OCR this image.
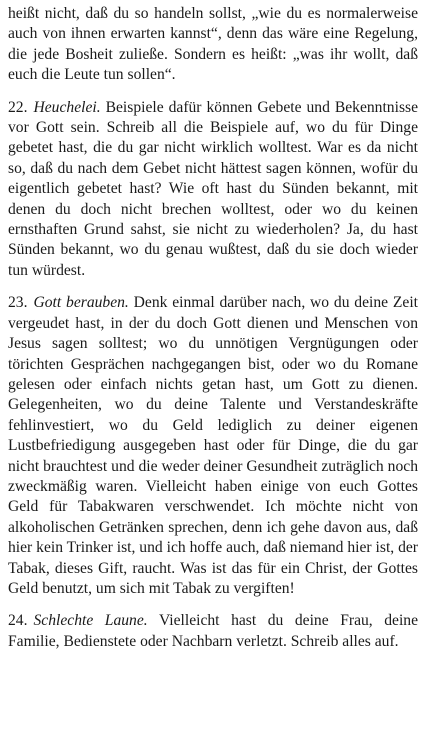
heißt nicht, daß du so handeln sollst, „wie du es normalerweise auch von ihnen erwarten kannst“, denn das wäre eine Regelung, die jede Bosheit zuließe. Sondern es heißt: „was ihr wollt, daß euch die Leute tun sollen“.

22. Heuchelei. Beispiele dafür können Gebete und Bekenntnisse vor Gott sein. Schreib all die Beispiele auf, wo du für Dinge gebetet hast, die du gar nicht wirklich wolltest. War es da nicht so, daß du nach dem Gebet nicht hättest sagen können, wofür du eigentlich gebetet hast? Wie oft hast du Sünden bekannt, mit denen du doch nicht brechen wolltest, oder wo du keinen ernsthaften Grund sahst, sie nicht zu wiederholen? Ja, du hast Sünden bekannt, wo du genau wußtest, daß du sie doch wieder tun würdest.

23. Gott berauben. Denk einmal darüber nach, wo du deine Zeit vergeudet hast, in der du doch Gott dienen und Menschen von Jesus sagen solltest; wo du unnötigen Vergnügungen oder törichten Gesprächen nachgegangen bist, oder wo du Romane gelesen oder einfach nichts getan hast, um Gott zu dienen. Gelegenheiten, wo du deine Talente und Verstandeskräfte fehlinvestiert, wo du Geld lediglich zu deiner eigenen Lustbefriedigung ausgegeben hast oder für Dinge, die du gar nicht brauchtest und die weder deiner Gesundheit zuträglich noch zweckmäßig waren. Vielleicht haben einige von euch Gottes Geld für Tabakwaren verschwendet. Ich möchte nicht von alkoholischen Getränken sprechen, denn ich gehe davon aus, daß hier kein Trinker ist, und ich hoffe auch, daß niemand hier ist, der Tabak, dieses Gift, raucht. Was ist das für ein Christ, der Gottes Geld benutzt, um sich mit Tabak zu vergiften!

24. Schlechte Laune. Vielleicht hast du deine Frau, deine Familie, Bedienstete oder Nachbarn verletzt. Schreib alles auf.
